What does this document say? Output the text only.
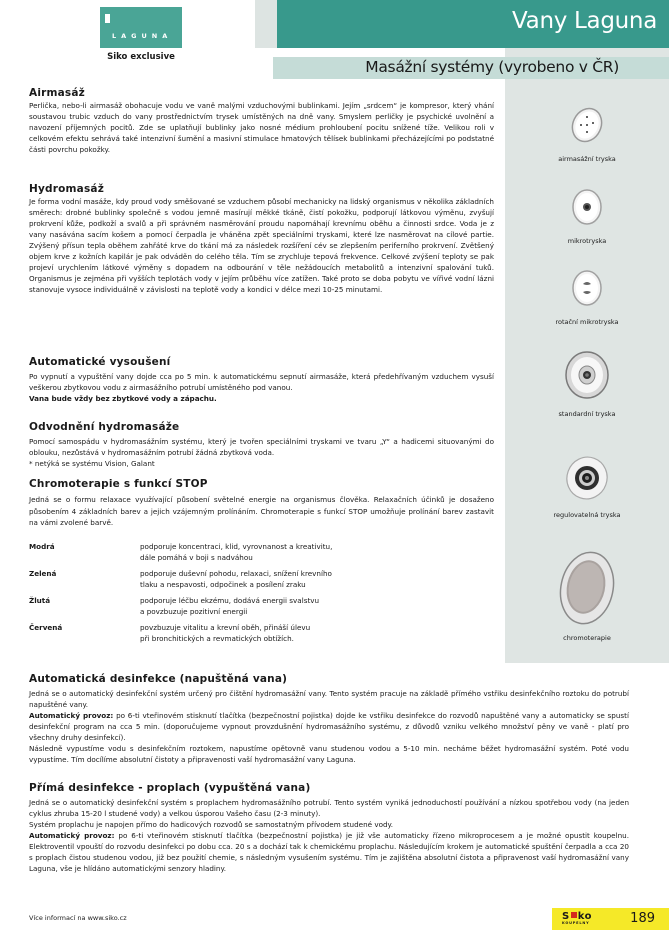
LAGUNA
Siko exclusive
Vany Laguna
Masážní systémy (vyrobeno v ČR)
Airmasáž

Perlička, nebo-li airmasáž obohacuje vodu ve vaně malými vzduchovými bublinkami. Jejím „srdcem“ je kompresor, který vhání soustavou trubic vzduch do vany prostřednictvím trysek umístěných na dně vany. Smyslem perličky je psychické uvolnění a navození příjemných pocitů. Zde se uplatňují bublinky jako nosné médium prohloubení pocitu snížené tíže. Velikou roli v celkovém efektu sehrává také intenzivní šumění a masivní stimulace hmatových tělísek bublinkami přecházejícími po podstatné části povrchu pokožky.

Hydromasáž

Je forma vodní masáže, kdy proud vody směšované se vzduchem působí mechanicky na lidský organismus v několika základních směrech: drobné bublinky společně s vodou jemně masírují měkké tkáně, čistí pokožku, podporují látkovou výměnu, zvyšují prokrvení kůže, podkoží a svalů a při správném nasměrování proudu napomáhají krevnímu oběhu a činnosti srdce. Voda je z vany nasávána sacím košem a pomocí čerpadla je vháněna zpět speciálními tryskami, které lze nasměrovat na cílové partie. Zvýšený přísun tepla oběhem zahřáté krve do tkání má za následek rozšíření cév se zlepšením periferního prokrvení. Zvětšený objem krve z kožních kapilár je pak odváděn do celého těla. Tím se zrychluje tepová frekvence. Celkové zvýšení teploty se pak projeví urychlením látkové výměny s dopadem na odbourání v těle nežádoucích metabolitů a intenzivní spalování tuků. Organismus je zejména při vyšších teplotách vody v jejím průběhu více zatížen. Také proto se doba pobytu ve vířivé vodní lázni stanovuje vysoce individuálně v závislosti na teplotě vody a kondici v délce mezi 10-25 minutami.

Automatické vysoušení

Po vypnutí a vypuštění vany dojde cca po 5 min. k automatickému sepnutí airmasáže, která předehřívaným vzduchem vysuší veškerou zbytkovou vodu z airmasážního potrubí umístěného pod vanou.

Vana bude vždy bez zbytkové vody a zápachu.

Odvodnění hydromasáže

Pomocí samospádu v hydromasážním systému, který je tvořen speciálními tryskami ve tvaru „Y“ a hadicemi situovanými do oblouku, nezůstává v hydromasážním potrubí žádná zbytková voda.

* netýká se systému Vision, Galant

Chromoterapie s funkcí STOP

Jedná se o formu relaxace využívající působení světelné energie na organismus člověka. Relaxačních účinků je dosaženo působením 4 základních barev a jejich vzájemným prolínáním. Chromoterapie s funkcí STOP umožňuje prolínání barev zastavit na vámi zvolené barvě.

Modrá	podporuje koncentraci, klid, vyrovnanost a kreativitu,
dále pomáhá v boji s nadváhou
Zelená	podporuje duševní pohodu, relaxaci, snížení krevního
tlaku a nespavosti, odpočinek a posílení zraku
Žlutá	podporuje léčbu ekzému, dodává energii svalstvu
a povzbuzuje pozitivní energii
Červená	povzbuzuje vitalitu a krevní oběh, přináší úlevu
při bronchitických a revmatických obtížích.
Automatická desinfekce (napuštěná vana)

Jedná se o automatický desinfekční systém určený pro čištění hydromasážní vany. Tento systém pracuje na základě přímého vstřiku desinfekčního roztoku do potrubí napuštěné vany.

Automatický provoz: po 6-ti vteřinovém stisknutí tlačítka (bezpečnostní pojistka) dojde ke vstřiku desinfekce do rozvodů napuštěné vany a automaticky se spustí desinfekční program na cca 5 min. (doporučujeme vypnout provzdušnění hydromasážního systému, z důvodů vzniku velkého množství pěny ve vaně - platí pro všechny druhy desinfekcí).

Následně vypustíme vodu s desinfekčním roztokem, napustíme opětovně vanu studenou vodou a 5-10 min. necháme běžet hydromasážní systém. Poté vodu vypustíme. Tím docílíme absolutní čistoty a připravenosti vaší hydromasážní vany Laguna.

Přímá desinfekce - proplach (vypuštěná vana)

Jedná se o automatický desinfekční systém s proplachem hydromasážního potrubí. Tento systém vyniká jednoduchostí používání a nízkou spotřebou vody (na jeden cyklus zhruba 15-20 l studené vody) a velkou úsporou Vašeho času (2-3 minuty).

Systém proplachu je napojen přímo do hadicových rozvodů se samostatným přívodem studené vody.

Automatický provoz: po 6-ti vteřinovém stisknutí tlačítka (bezpečnostní pojistka) je již vše automaticky řízeno mikroprocesem a je možné opustit koupelnu. Elektroventil vpouští do rozvodu desinfekci po dobu cca. 20 s a dochází tak k chemickému proplachu. Následujícím krokem je automatické spuštění čerpadla a cca 20 s proplach čistou studenou vodou, již bez použití chemie, s následným vysušením systému. Tím je zajištěna absolutní čistota a připravenost vaší hydromasážní vany Laguna, vše je hlídáno automatickými senzory hladiny.

airmasážní tryska
mikrotryska
rotační mikrotryska
standardní tryska
regulovatelná tryska
chromoterapie
Více informací na www.siko.cz	S ko
KOUPELNY	189
